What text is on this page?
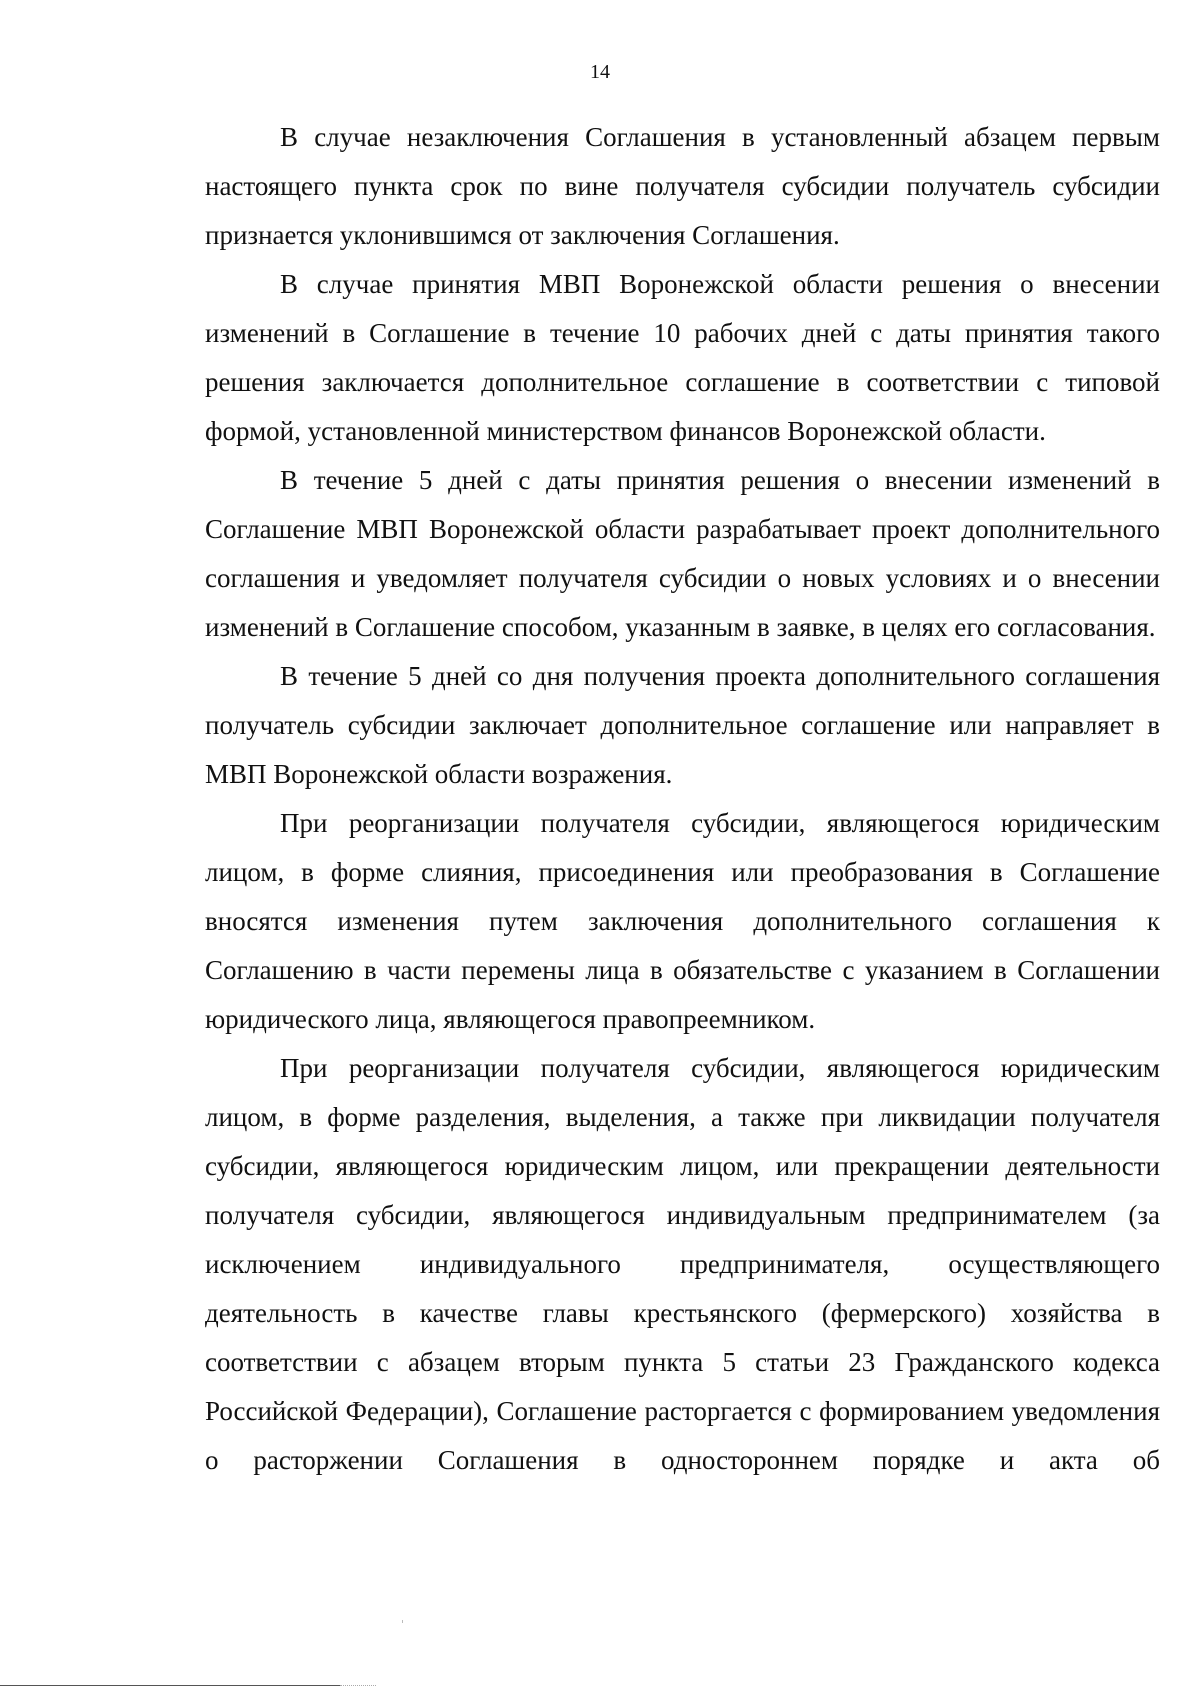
14

В случае незаключения Соглашения в установленный абзацем первым настоящего пункта срок по вине получателя субсидии получатель субсидии признается уклонившимся от заключения Соглашения.

В случае принятия МВП Воронежской области решения о внесении изменений в Соглашение в течение 10 рабочих дней с даты принятия такого решения заключается дополнительное соглашение в соответствии с типовой формой, установленной министерством финансов Воронежской области.

В течение 5 дней с даты принятия решения о внесении изменений в Соглашение МВП Воронежской области разрабатывает проект дополнительного соглашения и уведомляет получателя субсидии о новых условиях и о внесении изменений в Соглашение способом, указанным в заявке, в целях его согласования.

В течение 5 дней со дня получения проекта дополнительного соглашения получатель субсидии заключает дополнительное соглашение или направляет в МВП Воронежской области возражения.

При реорганизации получателя субсидии, являющегося юридическим лицом, в форме слияния, присоединения или преобразования в Соглашение вносятся изменения путем заключения дополнительного соглашения к Соглашению в части перемены лица в обязательстве с указанием в Соглашении юридического лица, являющегося правопреемником.

При реорганизации получателя субсидии, являющегося юридическим лицом, в форме разделения, выделения, а также при ликвидации получателя субсидии, являющегося юридическим лицом, или прекращении деятельности получателя субсидии, являющегося индивидуальным предпринимателем (за исключением индивидуального предпринимателя, осуществляющего деятельность в качестве главы крестьянского (фермерского) хозяйства в соответствии с абзацем вторым пункта 5 статьи 23 Гражданского кодекса Российской Федерации), Соглашение расторгается с формированием уведомления о расторжении Соглашения в одностороннем порядке и акта об
